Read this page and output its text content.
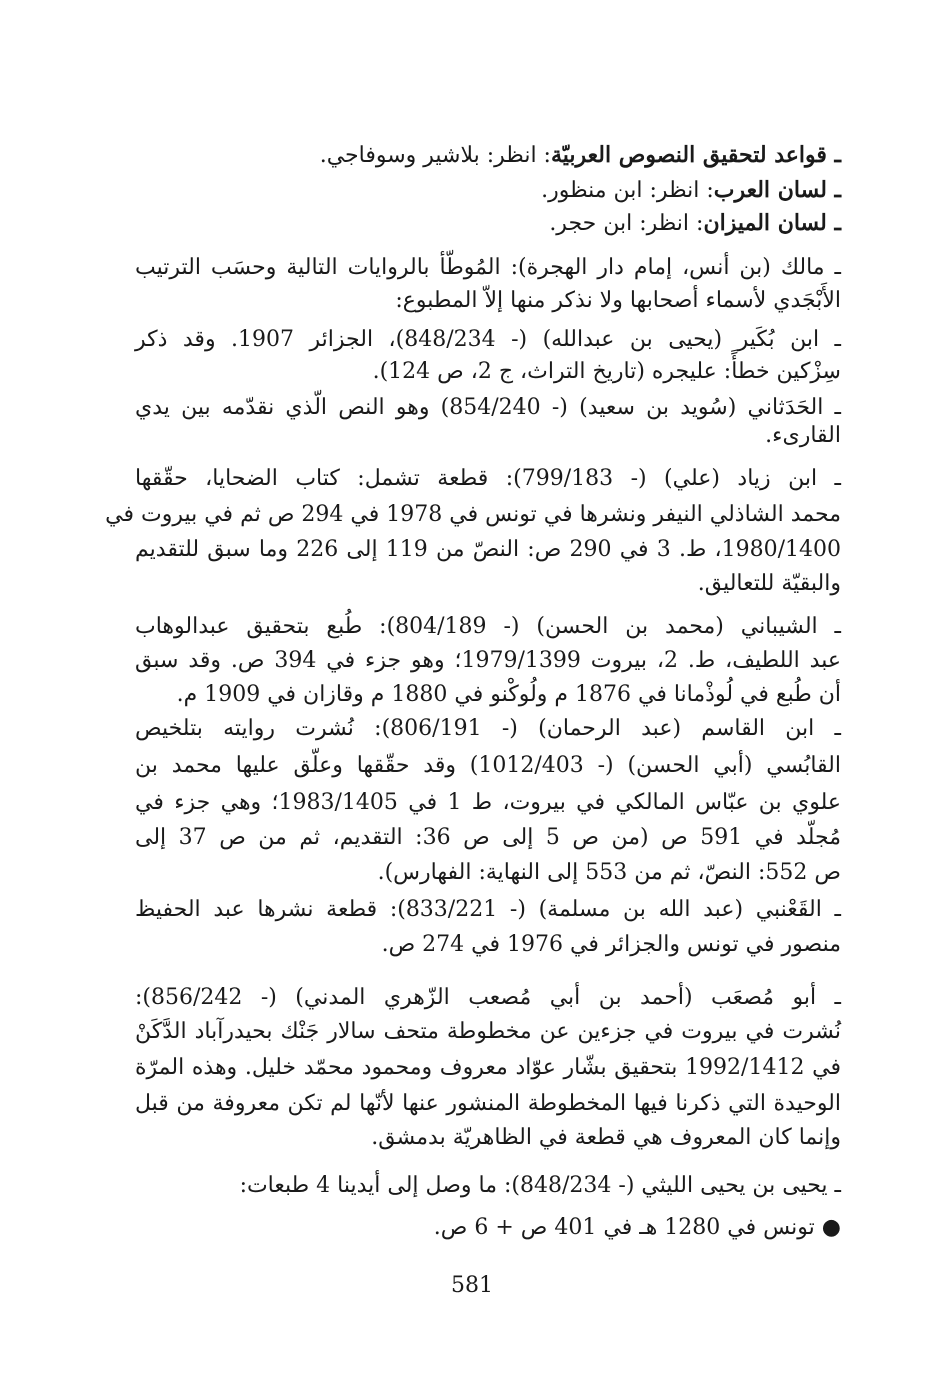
ـ قواعد لتحقيق النصوص العربيّة: انظر: بلاشير وسوفاجي.
ـ لسان العرب: انظر: ابن منظور.
ـ لسان الميزان: انظر: ابن حجر.
ـ مالك (بن أنس، إمام دار الهجرة): المُوطّأ بالروايات التالية وحسَب الترتيب
الأَبْجَدي لأسماء أصحابها ولا نذكر منها إلاّ المطبوع:
ـ ابن بُكَير (يحيى بن عبدالله) (- 848/234)، الجزائر 1907. وقد ذكر
سِزْكين خطأً: عليجره (تاريخ التراث، ج 2، ص 124).
ـ الحَدَثاني (سُويد بن سعيد) (- 854/240) وهو النص الّذي نقدّمه بين يدي
القارىء.
ـ ابن زياد (علي) (- 799/183): قطعة تشمل: كتاب الضحايا، حقّقها
محمد الشاذلي النيفر ونشرها في تونس في 1978 في 294 ص ثم في بيروت في
1980/1400، ط. 3 في 290 ص: النصّ من 119 إلى 226 وما سبق للتقديم
والبقيّة للتعاليق.
ـ الشيباني (محمد بن الحسن) (- 804/189): طُبع بتحقيق عبدالوهاب
عبد اللطيف، ط. 2، بيروت 1979/1399؛ وهو جزء في 394 ص. وقد سبق
أن طُبع في لُوذْمانا في 1876 م ولُوكْنو في 1880 م وقازان في 1909 م.
ـ ابن القاسم (عبد الرحمان) (- 806/191): نُشرت روايته بتلخيص
القابُسي (أبي الحسن) (- 1012/403) وقد حقّقها وعلّق عليها محمد بن
علوي بن عبّاس المالكي في بيروت، ط 1 في 1983/1405؛ وهي جزء في
مُجلّد في 591 ص (من ص 5 إلى ص 36: التقديم، ثم من ص 37 إلى
ص 552: النصّ، ثم من 553 إلى النهاية: الفهارس).
ـ القَعْنبي (عبد الله بن مسلمة) (- 833/221): قطعة نشرها عبد الحفيظ
منصور في تونس والجزائر في 1976 في 274 ص.
ـ أبو مُصعَب (أحمد بن أبي مُصعب الزّهري المدني) (- 856/242):
نُشرت في بيروت في جزءين عن مخطوطة متحف سالار جَنْك بحيدرآباد الدَّكَنْ
في 1992/1412 بتحقيق بشّار عوّاد معروف ومحمود محمّد خليل. وهذه المرّة
الوحيدة التي ذكرنا فيها المخطوطة المنشور عنها لأنّها لم تكن معروفة من قبل
وإنما كان المعروف هي قطعة في الظاهريّة بدمشق.
ـ يحيى بن يحيى الليثي (- 848/234): ما وصل إلى أيدينا 4 طبعات:
● تونس في 1280 هـ في 401 ص + 6 ص.
581
